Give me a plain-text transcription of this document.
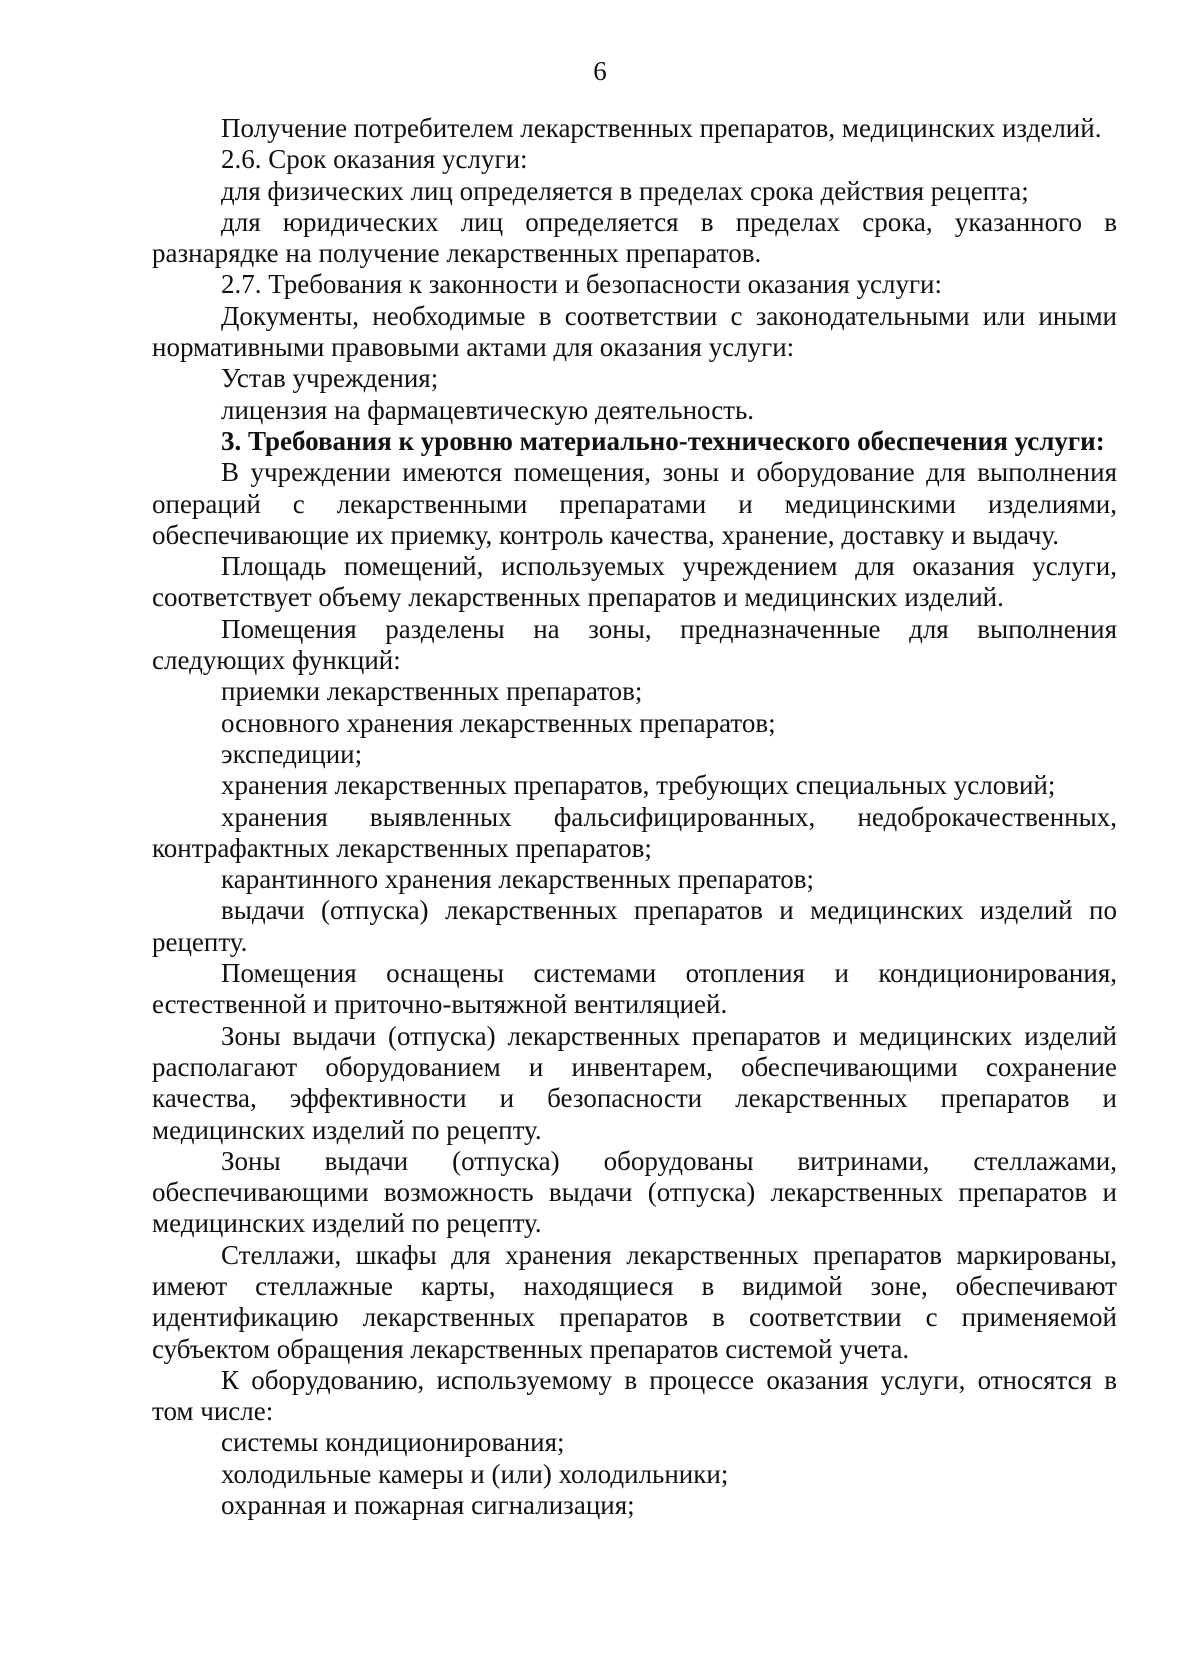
6

Получение потребителем лекарственных препаратов, медицинских изделий.

2.6. Срок оказания услуги:

для физических лиц определяется в пределах срока действия рецепта;

для юридических лиц определяется в пределах срока, указанного в разнарядке на получение лекарственных препаратов.

2.7. Требования к законности и безопасности оказания услуги:

Документы, необходимые в соответствии с законодательными или иными нормативными правовыми актами для оказания услуги:

Устав учреждения;

лицензия на фармацевтическую деятельность.

3. Требования к уровню материально-технического обеспечения услуги:

В учреждении имеются помещения, зоны и оборудование для выполнения операций с лекарственными препаратами и медицинскими изделиями, обеспечивающие их приемку, контроль качества, хранение, доставку и выдачу.

Площадь помещений, используемых учреждением для оказания услуги, соответствует объему лекарственных препаратов и медицинских изделий.

Помещения разделены на зоны, предназначенные для выполнения следующих функций:

приемки лекарственных препаратов;

основного хранения лекарственных препаратов;

экспедиции;

хранения лекарственных препаратов, требующих специальных условий;

хранения выявленных фальсифицированных, недоброкачественных, контрафактных лекарственных препаратов;

карантинного хранения лекарственных препаратов;

выдачи (отпуска) лекарственных препаратов и медицинских изделий по рецепту.

Помещения оснащены системами отопления и кондиционирования, естественной и приточно-вытяжной вентиляцией.

Зоны выдачи (отпуска) лекарственных препаратов и медицинских изделий располагают оборудованием и инвентарем, обеспечивающими сохранение качества, эффективности и безопасности лекарственных препаратов и медицинских изделий по рецепту.

Зоны выдачи (отпуска) оборудованы витринами, стеллажами, обеспечивающими возможность выдачи (отпуска) лекарственных препаратов и медицинских изделий по рецепту.

Стеллажи, шкафы для хранения лекарственных препаратов маркированы, имеют стеллажные карты, находящиеся в видимой зоне, обеспечивают идентификацию лекарственных препаратов в соответствии с применяемой субъектом обращения лекарственных препаратов системой учета.

К оборудованию, используемому в процессе оказания услуги, относятся в том числе:

системы кондиционирования;

холодильные камеры и (или) холодильники;

охранная и пожарная сигнализация;
